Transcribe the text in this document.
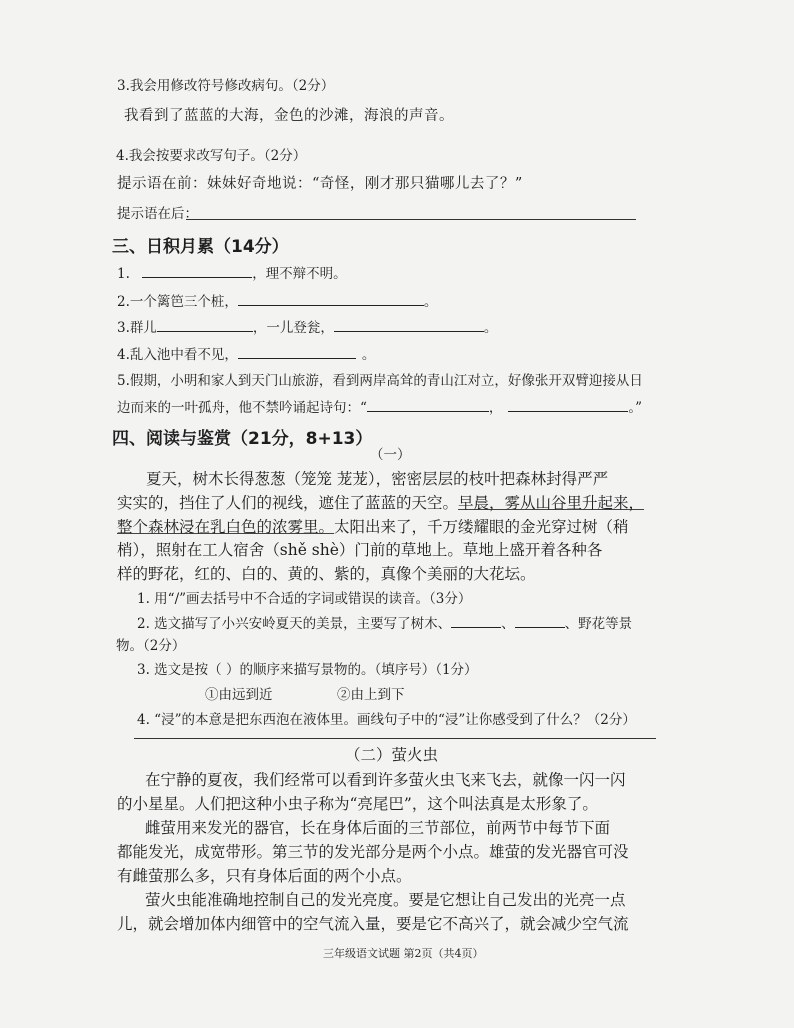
3.我会用修改符号修改病句。（2分）
我看到了蓝蓝的大海，金色的沙滩，海浪的声音。
4.我会按要求改写句子。（2分）
提示语在前：妹妹好奇地说：“奇怪，刚才那只猫哪儿去了？”
提示语在后：
三、日积月累（14分）
1.	，理不辩不明。
2.一个篱笆三个桩，	。
3.群儿	，一儿登瓮，	。
4.乱入池中看不见，	。
5.假期，小明和家人到天门山旅游，看到两岸高耸的青山江对立，好像张开双臂迎接从日
边而来的一叶孤舟，他不禁吟诵起诗句：“	，	。”
四、阅读与鉴赏（21分，8+13）
（一）
夏天，树木长得葱葱（笼笼 茏茏），密密层层的枝叶把森林封得严严
实实的，挡住了人们的视线，遮住了蓝蓝的天空。早晨，雾从山谷里升起来，
整个森林浸在乳白色的浓雾里。太阳出来了，千万缕耀眼的金光穿过树（稍
梢），照射在工人宿舍（shě shè）门前的草地上。草地上盛开着各种各
样的野花，红的、白的、黄的、紫的，真像个美丽的大花坛。
1. 用“/”画去括号中不合适的字词或错误的读音。（3分）
2. 选文描写了小兴安岭夏天的美景，主要写了树木、	、	、野花等景
物。（2分）
3. 选文是按（ ）的顺序来描写景物的。（填序号）（1分）
①由远到近	②由上到下
4. “浸”的本意是把东西泡在液体里。画线句子中的“浸”让你感受到了什么？（2分）
（二）萤火虫
在宁静的夏夜，我们经常可以看到许多萤火虫飞来飞去，就像一闪一闪
的小星星。人们把这种小虫子称为“亮尾巴”，这个叫法真是太形象了。
雌萤用来发光的器官，长在身体后面的三节部位，前两节中每节下面
都能发光，成宽带形。第三节的发光部分是两个小点。雄萤的发光器官可没
有雌萤那么多，只有身体后面的两个小点。
萤火虫能准确地控制自己的发光亮度。要是它想让自己发出的光亮一点
儿，就会增加体内细管中的空气流入量，要是它不高兴了，就会减少空气流
三年级语文试题 第2页（共4页）
